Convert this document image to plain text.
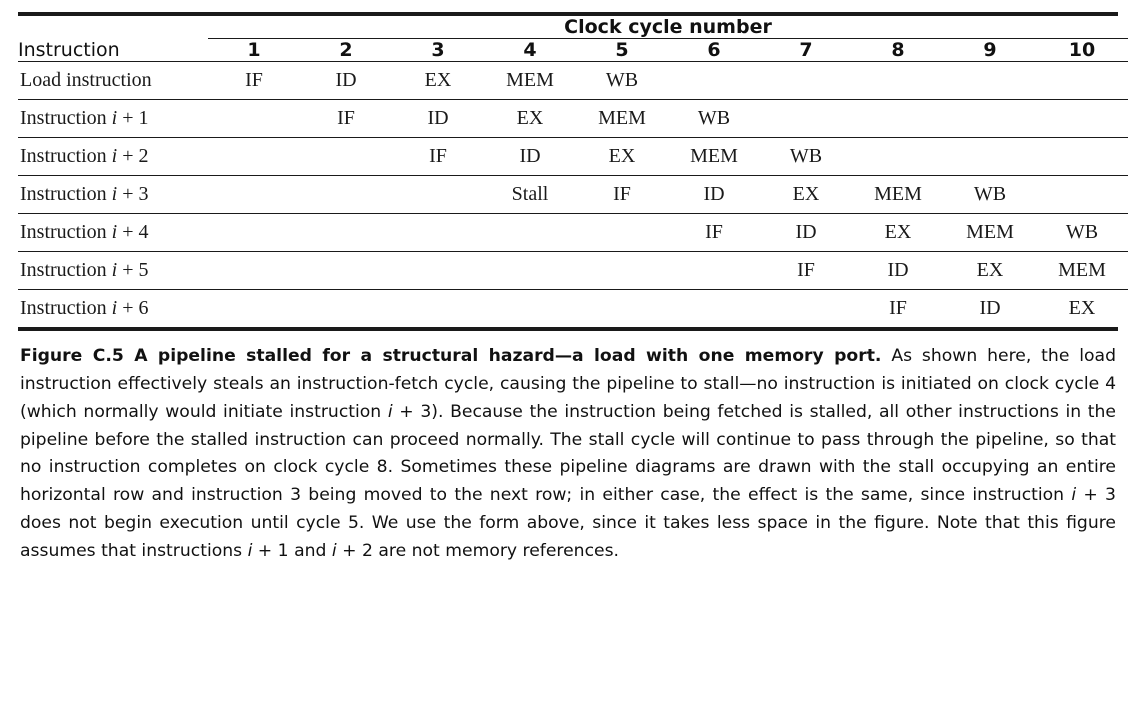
	Clock cycle number									

Instruction	1	2	3	4	5	6	7	8	9	10
Load instruction	IF	ID	EX	MEM	WB					
Instruction i + 1		IF	ID	EX	MEM	WB				
Instruction i + 2			IF	ID	EX	MEM	WB			
Instruction i + 3				Stall	IF	ID	EX	MEM	WB	
Instruction i + 4						IF	ID	EX	MEM	WB
Instruction i + 5							IF	ID	EX	MEM
Instruction i + 6								IF	ID	EX
Figure C.5 A pipeline stalled for a structural hazard—a load with one memory port. As shown here, the load instruction effectively steals an instruction-fetch cycle, causing the pipeline to stall—no instruction is initiated on clock cycle 4 (which normally would initiate instruction i + 3). Because the instruction being fetched is stalled, all other instructions in the pipeline before the stalled instruction can proceed normally. The stall cycle will continue to pass through the pipeline, so that no instruction completes on clock cycle 8. Sometimes these pipeline diagrams are drawn with the stall occupying an entire horizontal row and instruction 3 being moved to the next row; in either case, the effect is the same, since instruction i + 3 does not begin execution until cycle 5. We use the form above, since it takes less space in the figure. Note that this figure assumes that instructions i + 1 and i + 2 are not memory references.
